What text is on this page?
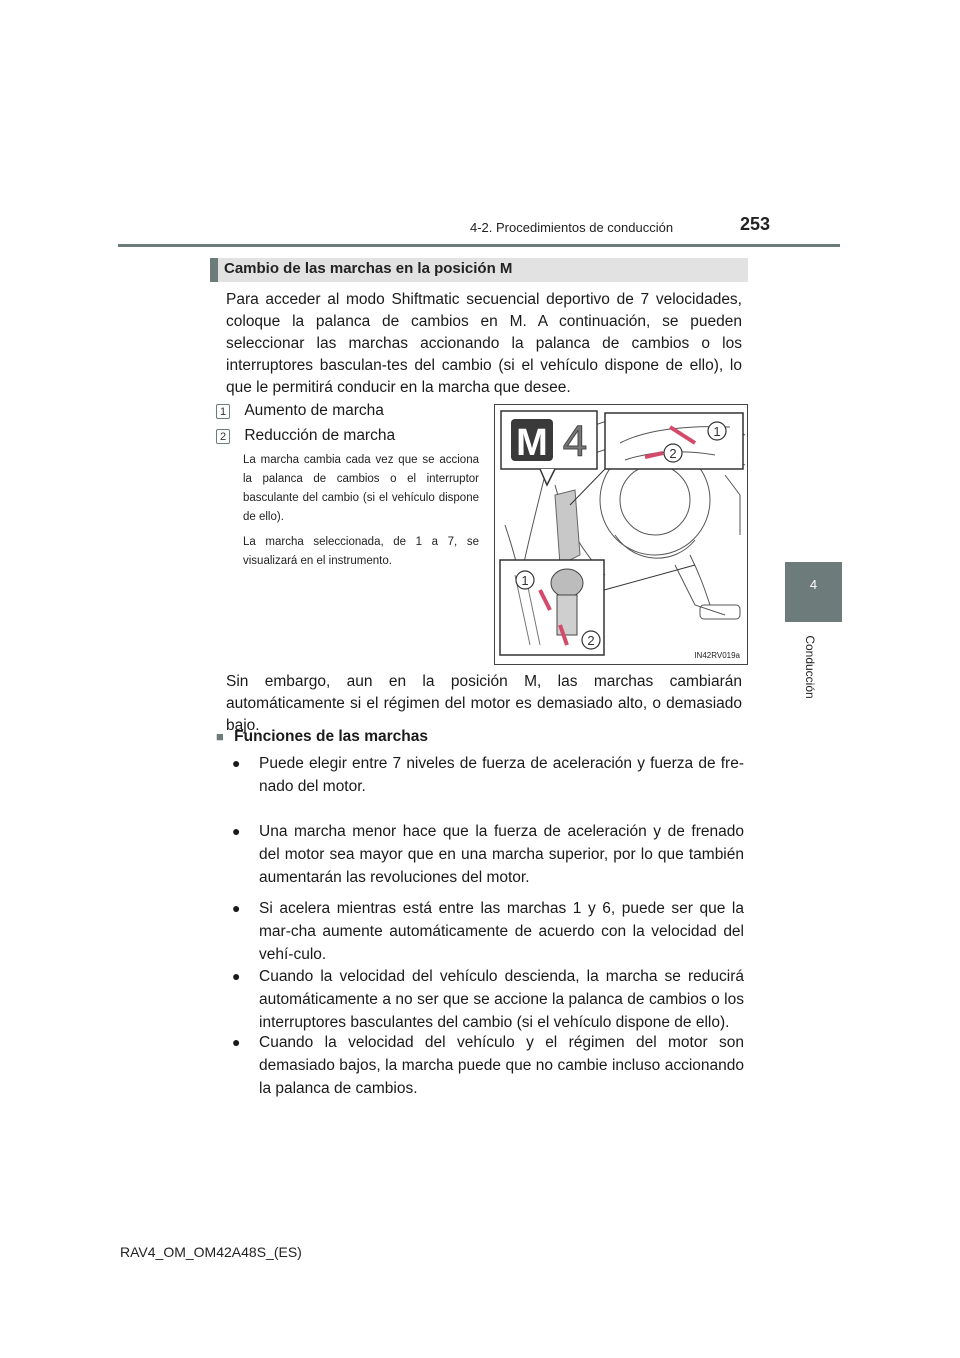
4-2. Procedimientos de conducción	253
4
Conducción
Cambio de las marchas en la posición M
Para acceder al modo Shiftmatic secuencial deportivo de 7 velocidades, coloque la palanca de cambios en M. A continuación, se pueden seleccionar las marchas accionando la palanca de cambios o los interruptores basculan-tes del cambio (si el vehículo dispone de ello), lo que le permitirá conducir en la marcha que desee.
1 Aumento de marcha
2 Reducción de marcha
La marcha cambia cada vez que se acciona la palanca de cambios o el interruptor basculante del cambio (si el vehículo dispone de ello).
La marcha seleccionada, de 1 a 7, se visualizará en el instrumento.
M 4	1
2
1
2
IN42RV019a
Sin embargo, aun en la posición M, las marchas cambiarán automáticamente si el régimen del motor es demasiado alto, o demasiado bajo.
■ Funciones de las marchas
● Puede elegir entre 7 niveles de fuerza de aceleración y fuerza de fre-nado del motor.
● Una marcha menor hace que la fuerza de aceleración y de frenado del motor sea mayor que en una marcha superior, por lo que también aumentarán las revoluciones del motor.
● Si acelera mientras está entre las marchas 1 y 6, puede ser que la mar-cha aumente automáticamente de acuerdo con la velocidad del vehí-culo.
● Cuando la velocidad del vehículo descienda, la marcha se reducirá automáticamente a no ser que se accione la palanca de cambios o los interruptores basculantes del cambio (si el vehículo dispone de ello).
● Cuando la velocidad del vehículo y el régimen del motor son demasiado bajos, la marcha puede que no cambie incluso accionando la palanca de cambios.
RAV4_OM_OM42A48S_(ES)
